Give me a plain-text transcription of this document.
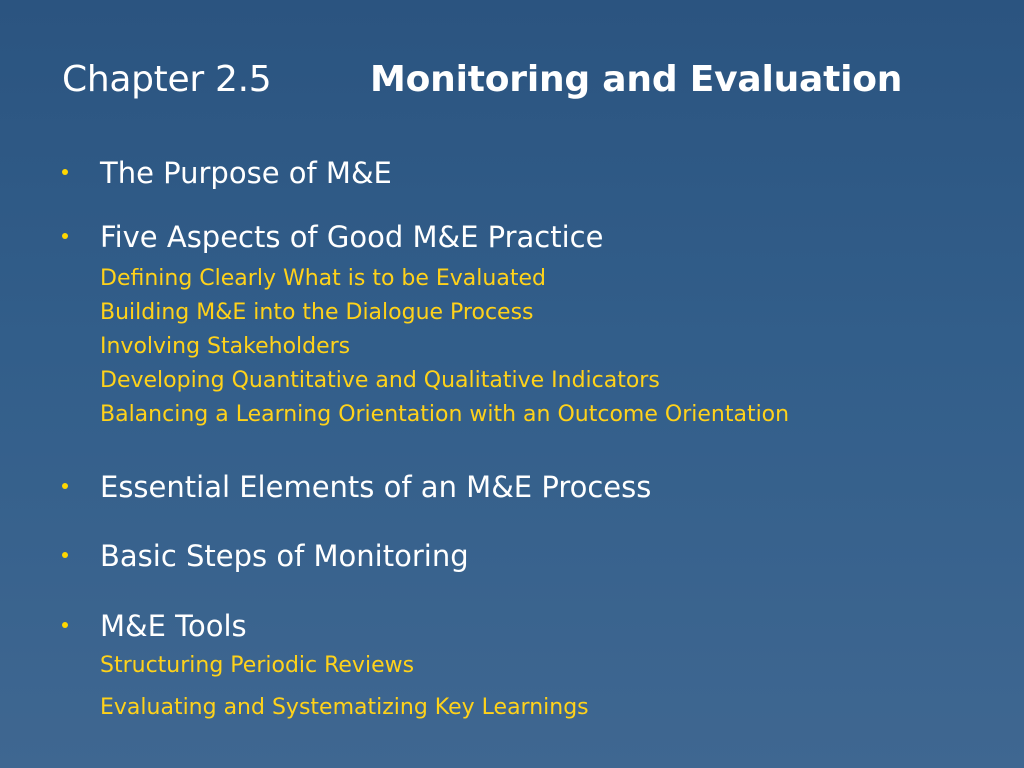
Chapter 2.5	Monitoring and Evaluation
The Purpose of M&E
Five Aspects of Good M&E Practice
Defining Clearly What is to be Evaluated
Building M&E into the Dialogue Process
Involving Stakeholders
Developing Quantitative and Qualitative Indicators
Balancing a Learning Orientation with an Outcome Orientation
Essential Elements of an M&E Process
Basic Steps of Monitoring
M&E Tools
Structuring Periodic Reviews
Evaluating and Systematizing Key Learnings
